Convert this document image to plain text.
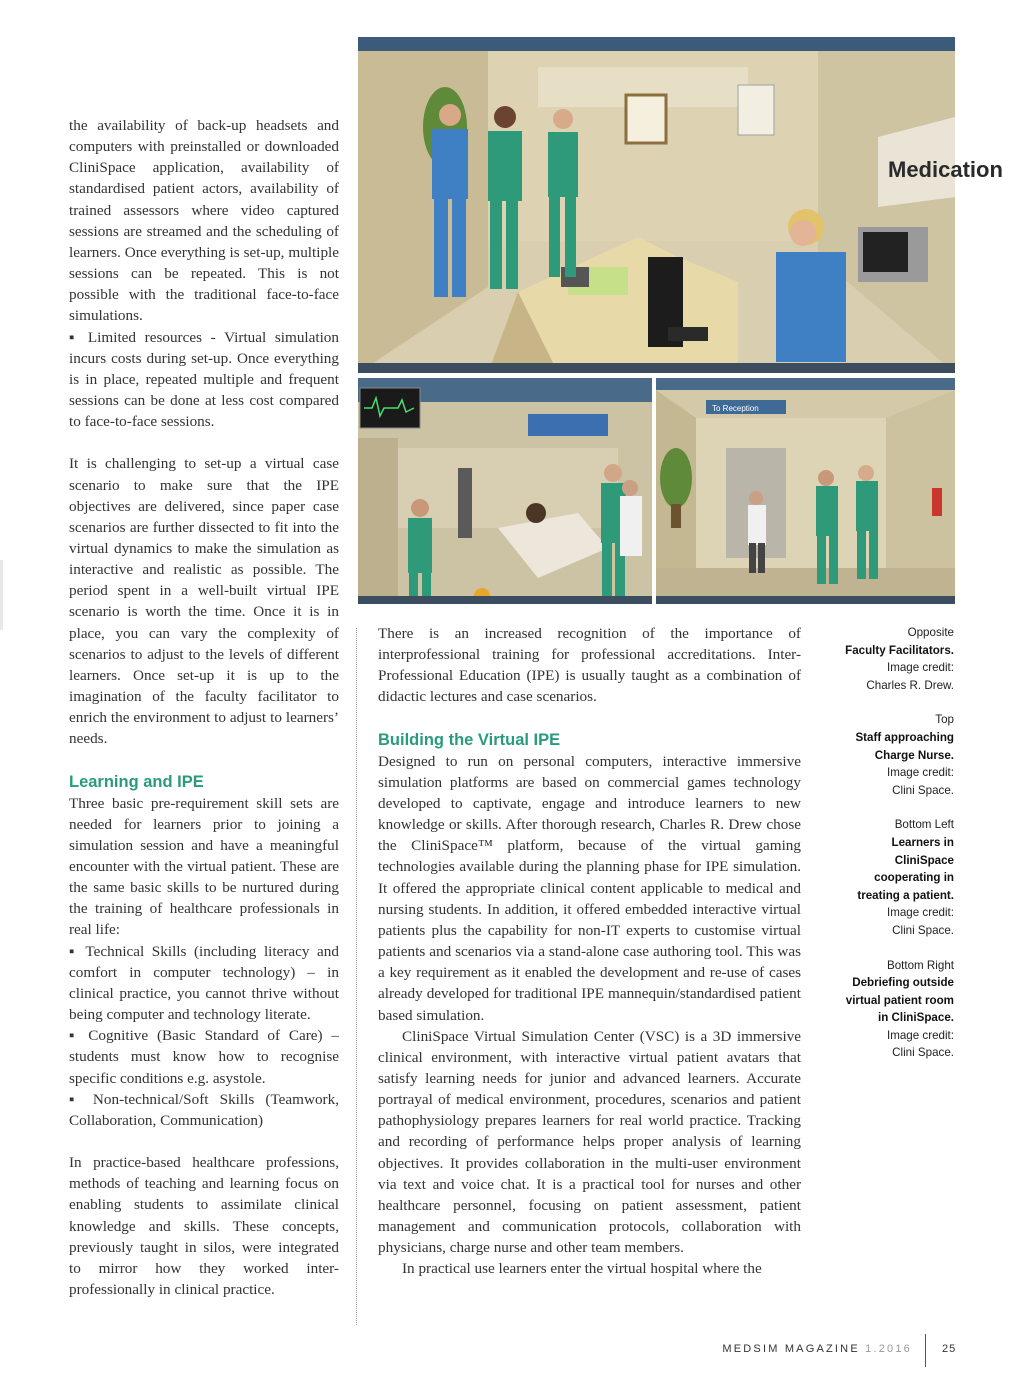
the availability of back-up headsets and computers with preinstalled or downloaded CliniSpace application, availability of standardised patient actors, availability of trained assessors where video captured sessions are streamed and the scheduling of learners. Once everything is set-up, multiple sessions can be repeated. This is not possible with the traditional face-to-face simulations.

▪ Limited resources - Virtual simulation incurs costs during set-up. Once everything is in place, repeated multiple and frequent sessions can be done at less cost compared to face-to-face sessions.

It is challenging to set-up a virtual case scenario to make sure that the IPE objectives are delivered, since paper case scenarios are further dissected to fit into the virtual dynamics to make the simulation as interactive and realistic as possible. The period spent in a well-built virtual IPE scenario is worth the time. Once it is in place, you can vary the complexity of scenarios to adjust to the levels of different learners. Once set-up it is up to the imagination of the faculty facilitator to enrich the environment to adjust to learners’ needs.

Learning and IPE

Three basic pre-requirement skill sets are needed for learners prior to joining a simulation session and have a meaningful encounter with the virtual patient. These are the same basic skills to be nurtured during the training of healthcare professionals in real life:

▪ Technical Skills (including literacy and comfort in computer technology) – in clinical practice, you cannot thrive without being computer and technology literate.

▪ Cognitive (Basic Standard of Care) – students must know how to recognise specific conditions e.g. asystole.

▪ Non-technical/Soft Skills (Teamwork, Collaboration, Communication)

In practice-based healthcare professions, methods of teaching and learning focus on enabling students to assimilate clinical knowledge and skills. These concepts, previously taught in silos, were integrated to mirror how they worked inter-professionally in clinical practice.

Medication
To Reception

There is an increased recognition of the importance of interprofessional training for professional accreditations. Inter-Professional Education (IPE) is usually taught as a combination of didactic lectures and case scenarios.

Building the Virtual IPE

Designed to run on personal computers, interactive immersive simulation platforms are based on commercial games technology developed to captivate, engage and introduce learners to new knowledge or skills. After thorough research, Charles R. Drew chose the CliniSpace™ platform, because of the virtual gaming technologies available during the planning phase for IPE simulation. It offered the appropriate clinical content applicable to medical and nursing students. In addition, it offered embedded interactive virtual patients plus the capability for non-IT experts to customise virtual patients and scenarios via a stand-alone case authoring tool. This was a key requirement as it enabled the development and re-use of cases already developed for traditional IPE mannequin/standardised patient based simulation.

CliniSpace Virtual Simulation Center (VSC) is a 3D immersive clinical environment, with interactive virtual patient avatars that satisfy learning needs for junior and advanced learners. Accurate portrayal of medical environment, procedures, scenarios and patient pathophysiology prepares learners for real world practice. Tracking and recording of performance helps proper analysis of learning objectives. It provides collaboration in the multi-user environment via text and voice chat. It is a practical tool for nurses and other healthcare personnel, focusing on patient assessment, patient management and communication protocols, collaboration with physicians, charge nurse and other team members.

In practical use learners enter the virtual hospital where the

Opposite
Faculty Facilitators.
Image credit:
Charles R. Drew.
Top
Staff approaching Charge Nurse.
Image credit:
Clini Space.
Bottom Left
Learners in CliniSpace cooperating in treating a patient.
Image credit:
Clini Space.
Bottom Right
Debriefing outside virtual patient room in CliniSpace.
Image credit:
Clini Space.
MEDSIM MAGAZINE 1.2016	25
